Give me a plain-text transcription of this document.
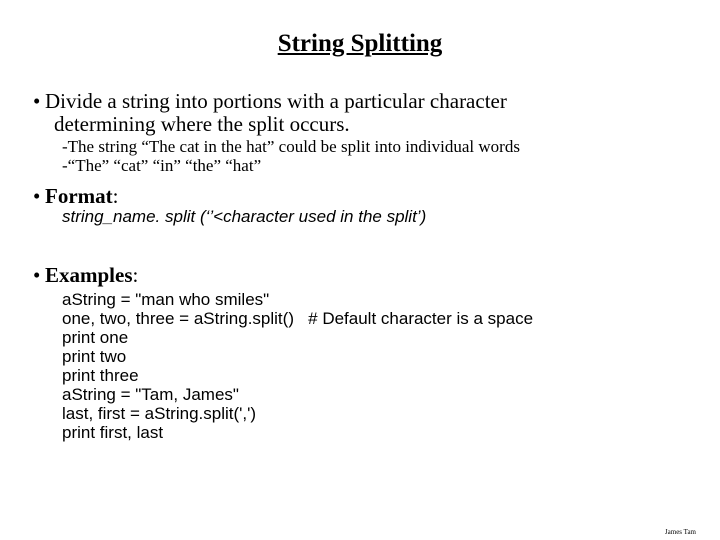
String Splitting
• Divide a string into portions with a particular character
determining where the split occurs.
-The string “The cat in the hat” could be split into individual words
-“The” “cat” “in” “the” “hat”
• Format:
string_name. split (‘’<character used in the split’)
• Examples:
aString = "man who smiles"
one, two, three = aString.split()   # Default character is a space
print one
print two
print three
aString = "Tam, James"
last, first = aString.split(',')
print first, last
James Tam
